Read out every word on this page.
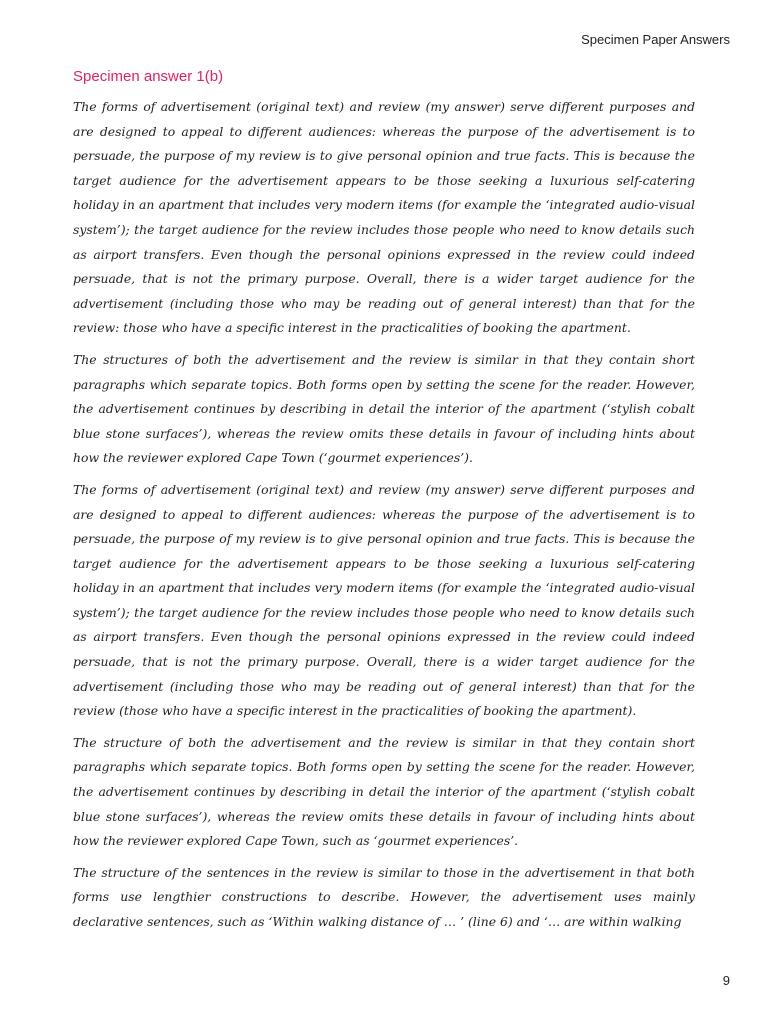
Specimen Paper Answers
Specimen answer 1(b)

The forms of advertisement (original text) and review (my answer) serve different purposes and are designed to appeal to different audiences: whereas the purpose of the advertisement is to persuade, the purpose of my review is to give personal opinion and true facts. This is because the target audience for the advertisement appears to be those seeking a luxurious self-catering holiday in an apartment that includes very modern items (for example the ‘integrated audio-visual system’); the target audience for the review includes those people who need to know details such as airport transfers. Even though the personal opinions expressed in the review could indeed persuade, that is not the primary purpose. Overall, there is a wider target audience for the advertisement (including those who may be reading out of general interest) than that for the review: those who have a specific interest in the practicalities of booking the apartment.

The structures of both the advertisement and the review is similar in that they contain short paragraphs which separate topics. Both forms open by setting the scene for the reader. However, the advertisement continues by describing in detail the interior of the apartment (‘stylish cobalt blue stone surfaces’), whereas the review omits these details in favour of including hints about how the reviewer explored Cape Town (‘gourmet experiences’).

The forms of advertisement (original text) and review (my answer) serve different purposes and are designed to appeal to different audiences: whereas the purpose of the advertisement is to persuade, the purpose of my review is to give personal opinion and true facts. This is because the target audience for the advertisement appears to be those seeking a luxurious self-catering holiday in an apartment that includes very modern items (for example the ‘integrated audio-visual system’); the target audience for the review includes those people who need to know details such as airport transfers. Even though the personal opinions expressed in the review could indeed persuade, that is not the primary purpose. Overall, there is a wider target audience for the advertisement (including those who may be reading out of general interest) than that for the review (those who have a specific interest in the practicalities of booking the apartment).

The structure of both the advertisement and the review is similar in that they contain short paragraphs which separate topics. Both forms open by setting the scene for the reader. However, the advertisement continues by describing in detail the interior of the apartment (‘stylish cobalt blue stone surfaces’), whereas the review omits these details in favour of including hints about how the reviewer explored Cape Town, such as ‘gourmet experiences’.

The structure of the sentences in the review is similar to those in the advertisement in that both forms use lengthier constructions to describe. However, the advertisement uses mainly declarative sentences, such as ‘Within walking distance of … ’ (line 6) and ‘… are within walking

9
